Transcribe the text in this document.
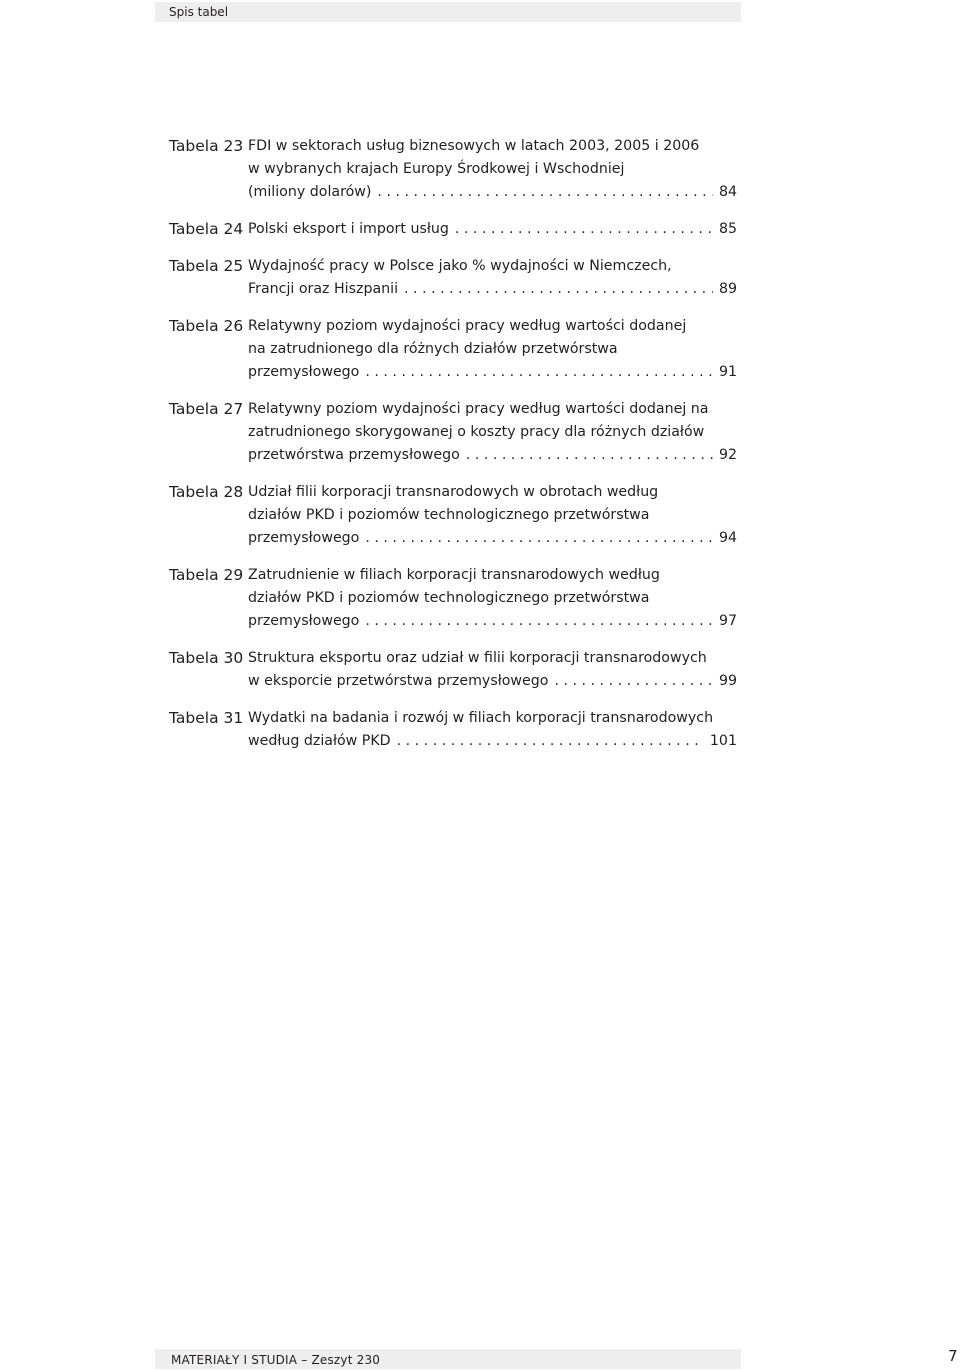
Spis tabel
Tabela 23 FDI w sektorach usług biznesowych w latach 2003, 2005 i 2006
w wybranych krajach Europy Środkowej i Wschodniej
(miliony dolarów) . . .	84
Tabela 24 Polski eksport i import usług . . .	85
Tabela 25 Wydajność pracy w Polsce jako % wydajności w Niemczech,
Francji oraz Hiszpanii . . .	89
Tabela 26 Relatywny poziom wydajności pracy według wartości dodanej
na zatrudnionego dla różnych działów przetwórstwa
przemysłowego . . .	91
Tabela 27 Relatywny poziom wydajności pracy według wartości dodanej na
zatrudnionego skorygowanej o koszty pracy dla różnych działów
przetwórstwa przemysłowego . . .	92
Tabela 28 Udział filii korporacji transnarodowych w obrotach według
działów PKD i poziomów technologicznego przetwórstwa
przemysłowego . . .	94
Tabela 29 Zatrudnienie w filiach korporacji transnarodowych według
działów PKD i poziomów technologicznego przetwórstwa
przemysłowego . . .	97
Tabela 30 Struktura eksportu oraz udział w filii korporacji transnarodowych
w eksporcie przetwórstwa przemysłowego . . .	99
Tabela 31 Wydatki na badania i rozwój w filiach korporacji transnarodowych
według działów PKD . . .	101
MATERIAŁY I STUDIA – Zeszyt 230	7
